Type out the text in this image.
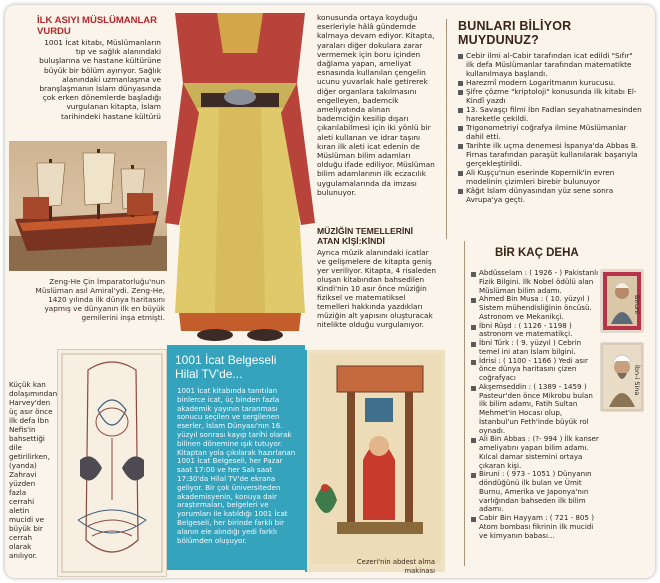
İLK ASIYI MÜSLÜMANLAR VURDU
1001 İcat kitabı, Müslümanların tıp ve sağlık alanındaki buluşlarına ve hastane kültürüne büyük bir bölüm ayırıyor. Sağlık alanındaki uzmanlaşma ve branşlaşmanın İslam dünyasında çok erken dönemlerde başladığı vurgulanan kitapta, İslam tarihindeki hastane kültürü
Zeng-He Çin İmparatorluğu'nun Müslüman asıl Amiral'ydi. Zeng-He, 1420 yılında ilk dünya haritasını yapmış ve dünyanın ilk en büyük gemilerini inşa etmişti.
konusunda ortaya koyduğu eserleriyle hâlâ gündemde kalmaya devam ediyor. Kitapta, yaraları diğer dokulara zarar vermemek için boru içinden dağlama yapan, ameliyat esnasında kullanılan çengelin ucunu yuvarlak hale getirerek diğer organlara takılmasını engelleyen, bademcik ameliyatında alınan bademciğin kesilip dışarı çıkarılabilmesi için iki yönlü bir aleti kullanan ve idrar taşını kıran ilk aleti icat edenin de Müslüman bilim adamları olduğu ifade ediliyor. Müslüman bilim adamlarının ilk eczacılık uygulamalarında da imzası bulunuyor.
MÜZİĞİN TEMELLERİNİ ATAN KİŞİ:KİNDİ
Ayrıca müzik alanındaki icatlar ve gelişmelere de kitapta geniş yer veriliyor. Kitapta, 4 risaleden oluşan kitabından bahsedilen Kindi'nin 10 asır önce müziğin fiziksel ve matematiksel temelleri hakkında yazdıkları müziğin alt yapısını oluşturacak nitelikte olduğu vurgulanıyor.
Küçük kan dolaşımından Harvey'den üç asır önce ilk defa İbn Nefis'in bahsettiği dile getirilirken, (yanda) Zahravi yüzden fazla cerrahi aletin mucidi ve büyük bir cerrah olarak anılıyor.
1001 İcat Belgeseli Hilal TV'de...
1001 İcat kitabında tanıtılan binlerce icat, üç binden fazla akademik yayının taranması sonucu seçilen ve sergilenen eserler, İslam Dünyası'nın 16. yüzyıl sonrası kayıp tarihi olarak bilinen dönemine ışık tutuyor. Kitaptan yola çıkılarak hazırlanan 1001 İcat Belgeseli, her Pazar saat 17:00 ve her Salı saat 17:30'da Hilal TV'de ekrana geliyor. Bir çok üniversiteden akademisyenin, konuya dair araştırmaları, belgeleri ve yorumları ile katıldığı 1001 İcat Belgeseli, her birinde farklı bir alanın ele alındığı yedi farklı bölümden oluşuyor.
Cezeri'nin abdest alma makinası
BUNLARI BİLİYOR MUYDUNUZ?
Cebir ilmi al-Cabir tarafından icat edildi "Sıfır" ilk defa Müslümanlar tarafından matematikte kullanılmaya başlandı.
Harezmî modern Logaritmanın kurucusu.
Şifre çözme "kriptoloji" konusunda ilk kitabı El-Kindî yazdı
13. Savaşçı filmi İbn Fadlan seyahatnamesinden hareketle çekildi.
Trigonometriyi coğrafya ilmine Müslümanlar dahil etti.
Tarihte ilk uçma denemesi İspanya'da Abbas B. Firnas tarafından paraşüt kullanılarak başarıyla gerçekleştirildi.
Ali Kuşçu'nun eserinde Kopernik'in evren modelinin çizimleri birebir bulunuyor
Kâğıt İslam dünyasından yüz sene sonra Avrupa'ya geçti.
BİR KAÇ DEHA
Abdüsselam : ( 1926 - ) Pakistanlı Fizik Bilgini. İlk Nobel ödülü alan Müslüman bilim adamı.
Ahmed Bin Musa : ( 10. yüzyıl ) Sistem mühendisliğinin öncüsü. Astronom ve Mekanikçi.
İbni Rüşd : ( 1126 - 1198 ) astronom ve matematikçi.
İbni Türk : ( 9. yüzyıl ) Cebrin temel ini atan İslam bilgini.
İdrisi : ( 1100 - 1166 ) Yedi asır önce dünya haritasını çizen coğrafyacı
Akşemseddin : ( 1389 - 1459 ) Pasteur'den önce Mikrobu bulan ilk bilim adamı, Fatih Sultan Mehmet'in Hocası olup, İstanbul'un Feth'inde büyük rol oynadı.
Ali Bin Abbas : (?- 994 ) İlk kanser ameliyatını yapan bilim adamı. Kılcal damar sistemini ortaya çıkaran kişi.
Biruni : ( 973 - 1051 ) Dünyanın döndüğünü ilk bulan ve Ümit Burnu, Amerika ve Japonya'nın varlığından bahseden ilk bilim adamı.
Cabir Bin Hayyam : ( 721 - 805 ) Atom bombası fikrinin ilk mucidi ve kimyanın babası...
Biruni
İbn-i Sina
